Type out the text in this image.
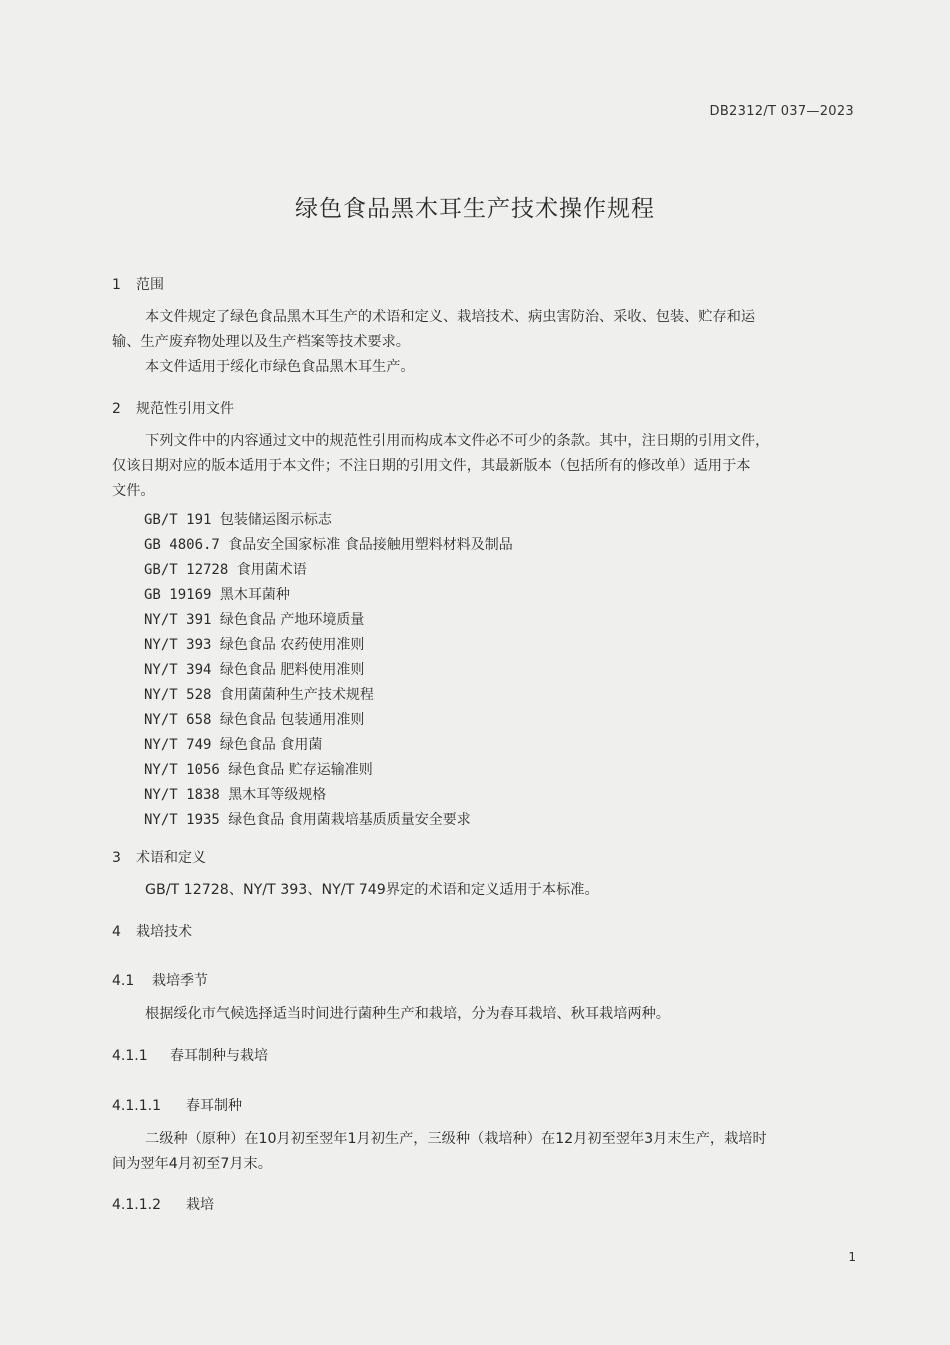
DB2312/T 037—2023
绿色食品黑木耳生产技术操作规程
1 范围
本文件规定了绿色食品黑木耳生产的术语和定义、栽培技术、病虫害防治、采收、包装、贮存和运
输、生产废弃物处理以及生产档案等技术要求。
本文件适用于绥化市绿色食品黑木耳生产。
2 规范性引用文件
下列文件中的内容通过文中的规范性引用而构成本文件必不可少的条款。其中，注日期的引用文件，
仅该日期对应的版本适用于本文件；不注日期的引用文件，其最新版本（包括所有的修改单）适用于本
文件。
GB/T 191 包装储运图示标志
GB 4806.7 食品安全国家标准 食品接触用塑料材料及制品
GB/T 12728 食用菌术语
GB 19169 黑木耳菌种
NY/T 391 绿色食品 产地环境质量
NY/T 393 绿色食品 农药使用准则
NY/T 394 绿色食品 肥料使用准则
NY/T 528 食用菌菌种生产技术规程
NY/T 658 绿色食品 包装通用准则
NY/T 749 绿色食品 食用菌
NY/T 1056 绿色食品 贮存运输准则
NY/T 1838 黑木耳等级规格
NY/T 1935 绿色食品 食用菌栽培基质质量安全要求
3 术语和定义
GB/T 12728、NY/T 393、NY/T 749界定的术语和定义适用于本标准。
4 栽培技术
4.1 栽培季节
根据绥化市气候选择适当时间进行菌种生产和栽培，分为春耳栽培、秋耳栽培两种。
4.1.1 春耳制种与栽培
4.1.1.1 春耳制种
二级种（原种）在10月初至翌年1月初生产，三级种（栽培种）在12月初至翌年3月末生产，栽培时
间为翌年4月初至7月末。
4.1.1.2 栽培
1
